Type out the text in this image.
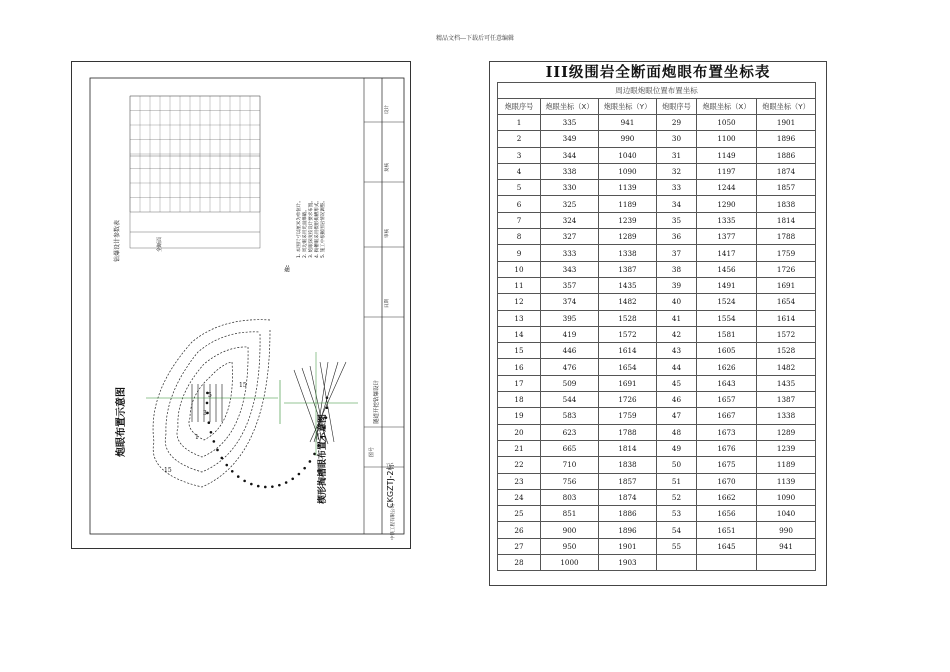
精品文档---下载后可任意编辑
炮眼布置示意图	楔形掏槽眼布置示意图
钻爆设计参数表	全断面
注:
1. 本图尺寸以厘米为单位计。 2. 周边眼采用光面爆破。 3. 炮眼深度按设计要求布置。 4. 掏槽眼采用楔形掏槽形式。 5. 施工中根据围岩情况调整。
1
3
5
15
15
隧道开挖钻爆设计
图号
CKGZTJ-2标
中铁工程有限公司
设计
复核
审核
日期
III级围岩全断面炮眼布置坐标表
周边眼炮眼位置布置坐标					
炮眼序号	炮眼坐标（X）	炮眼坐标（Y）	炮眼序号	炮眼坐标（X）	炮眼坐标（Y）
1	335	941	29	1050	1901
2	349	990	30	1100	1896
3	344	1040	31	1149	1886
4	338	1090	32	1197	1874
5	330	1139	33	1244	1857
6	325	1189	34	1290	1838
7	324	1239	35	1335	1814
8	327	1289	36	1377	1788
9	333	1338	37	1417	1759
10	343	1387	38	1456	1726
11	357	1435	39	1491	1691
12	374	1482	40	1524	1654
13	395	1528	41	1554	1614
14	419	1572	42	1581	1572
15	446	1614	43	1605	1528
16	476	1654	44	1626	1482
17	509	1691	45	1643	1435
18	544	1726	46	1657	1387
19	583	1759	47	1667	1338
20	623	1788	48	1673	1289
21	665	1814	49	1676	1239
22	710	1838	50	1675	1189
23	756	1857	51	1670	1139
24	803	1874	52	1662	1090
25	851	1886	53	1656	1040
26	900	1896	54	1651	990
27	950	1901	55	1645	941
28	1000	1903			
